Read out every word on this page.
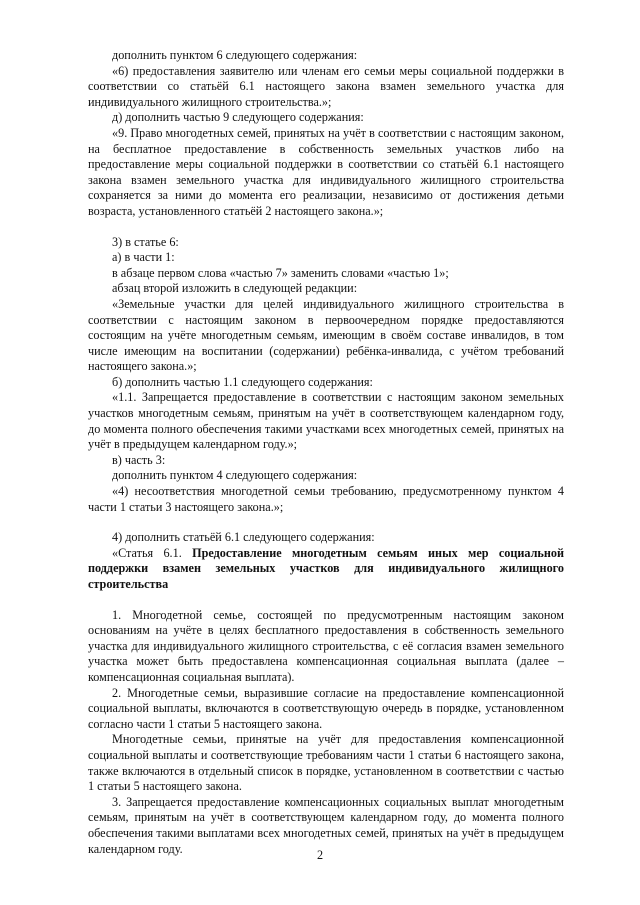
дополнить пунктом 6 следующего содержания:

«6) предоставления заявителю или членам его семьи меры социальной поддержки в соответствии со статьёй 6.1 настоящего закона взамен земельного участка для индивидуального жилищного строительства.»;

д) дополнить частью 9 следующего содержания:

«9. Право многодетных семей, принятых на учёт в соответствии с настоящим законом, на бесплатное предоставление в собственность земельных участков либо на предоставление меры социальной поддержки в соответствии со статьёй 6.1 настоящего закона взамен земельного участка для индивидуального жилищного строительства сохраняется за ними до момента его реализации, независимо от достижения детьми возраста, установленного статьёй 2 настоящего закона.»;

3) в статье 6:

а) в части 1:

в абзаце первом слова «частью 7» заменить словами «частью 1»;

абзац второй изложить в следующей редакции:

«Земельные участки для целей индивидуального жилищного строительства в соответствии с настоящим законом в первоочередном порядке предоставляются состоящим на учёте многодетным семьям, имеющим в своём составе инвалидов, в том числе имеющим на воспитании (содержании) ребёнка-инвалида, с учётом требований настоящего закона.»;

б) дополнить частью 1.1 следующего содержания:

«1.1. Запрещается предоставление в соответствии с настоящим законом земельных участков многодетным семьям, принятым на учёт в соответствующем календарном году, до момента полного обеспечения такими участками всех многодетных семей, принятых на учёт в предыдущем календарном году.»;

в) часть 3:

дополнить пунктом 4 следующего содержания:

«4) несоответствия многодетной семьи требованию, предусмотренному пунктом 4 части 1 статьи 3 настоящего закона.»;

4) дополнить статьёй 6.1 следующего содержания:

«Статья 6.1. Предоставление многодетным семьям иных мер социальной поддержки взамен земельных участков для индивидуального жилищного строительства

1. Многодетной семье, состоящей по предусмотренным настоящим законом основаниям на учёте в целях бесплатного предоставления в собственность земельного участка для индивидуального жилищного строительства, с её согласия взамен земельного участка может быть предоставлена компенсационная социальная выплата (далее – компенсационная социальная выплата).

2. Многодетные семьи, выразившие согласие на предоставление компенсационной социальной выплаты, включаются в соответствующую очередь в порядке, установленном согласно части 1 статьи 5 настоящего закона.

Многодетные семьи, принятые на учёт для предоставления компенсационной социальной выплаты и соответствующие требованиям части 1 статьи 6 настоящего закона, также включаются в отдельный список в порядке, установленном в соответствии с частью 1 статьи 5 настоящего закона.

3. Запрещается предоставление компенсационных социальных выплат многодетным семьям, принятым на учёт в соответствующем календарном году, до момента полного обеспечения такими выплатами всех многодетных семей, принятых на учёт в предыдущем календарном году.	2
